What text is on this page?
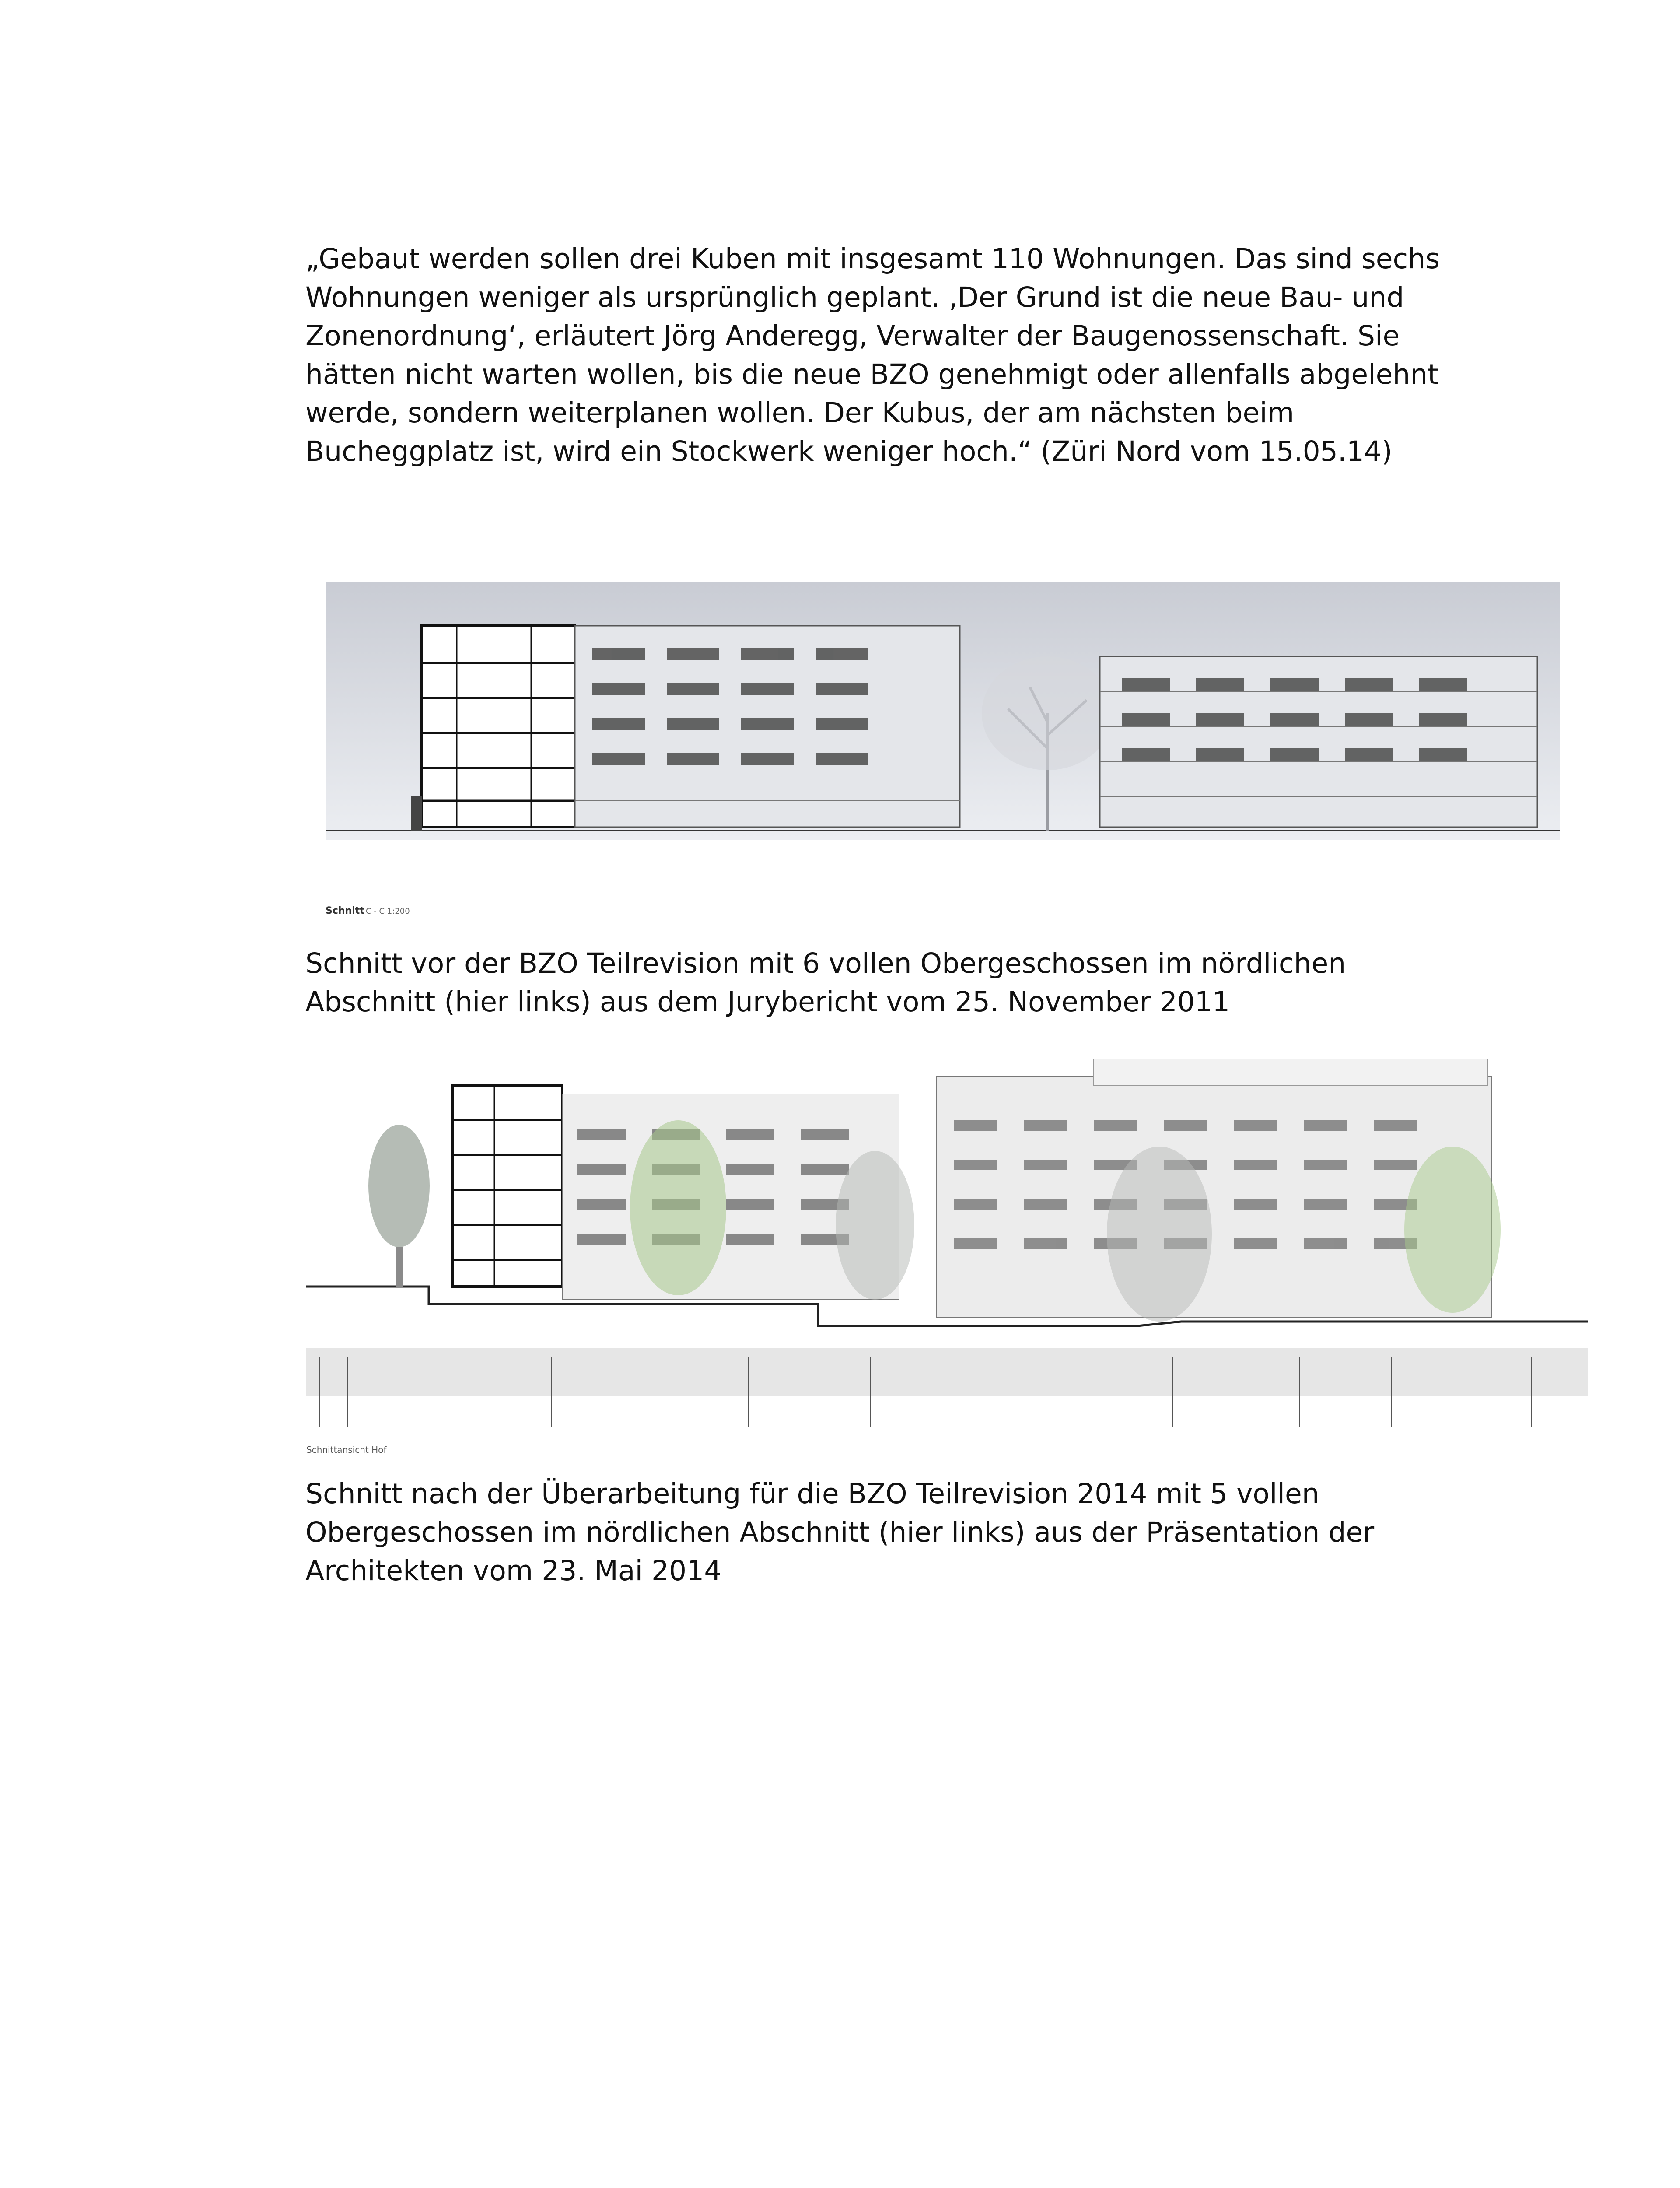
„Gebaut werden sollen drei Kuben mit insgesamt 110 Wohnungen. Das sind sechs
Wohnungen weniger als ursprünglich geplant. ‚Der Grund ist die neue Bau- und
Zonenordnung‘, erläutert Jörg Anderegg, Verwalter der Baugenossenschaft. Sie
hätten nicht warten wollen, bis die neue BZO genehmigt oder allenfalls abgelehnt
werde, sondern weiterplanen wollen. Der Kubus, der am nächsten beim
Bucheggplatz ist, wird ein Stockwerk weniger hoch.“ (Züri Nord vom 15.05.14)
Schnitt C - C 1:200
Schnitt vor der BZO Teilrevision mit 6 vollen Obergeschossen im nördlichen
Abschnitt (hier links) aus dem Jurybericht vom 25. November 2011
Schnittansicht Hof
Schnitt nach der Überarbeitung für die BZO Teilrevision 2014 mit 5 vollen
Obergeschossen im nördlichen Abschnitt (hier links) aus der Präsentation der
Architekten vom 23. Mai 2014
